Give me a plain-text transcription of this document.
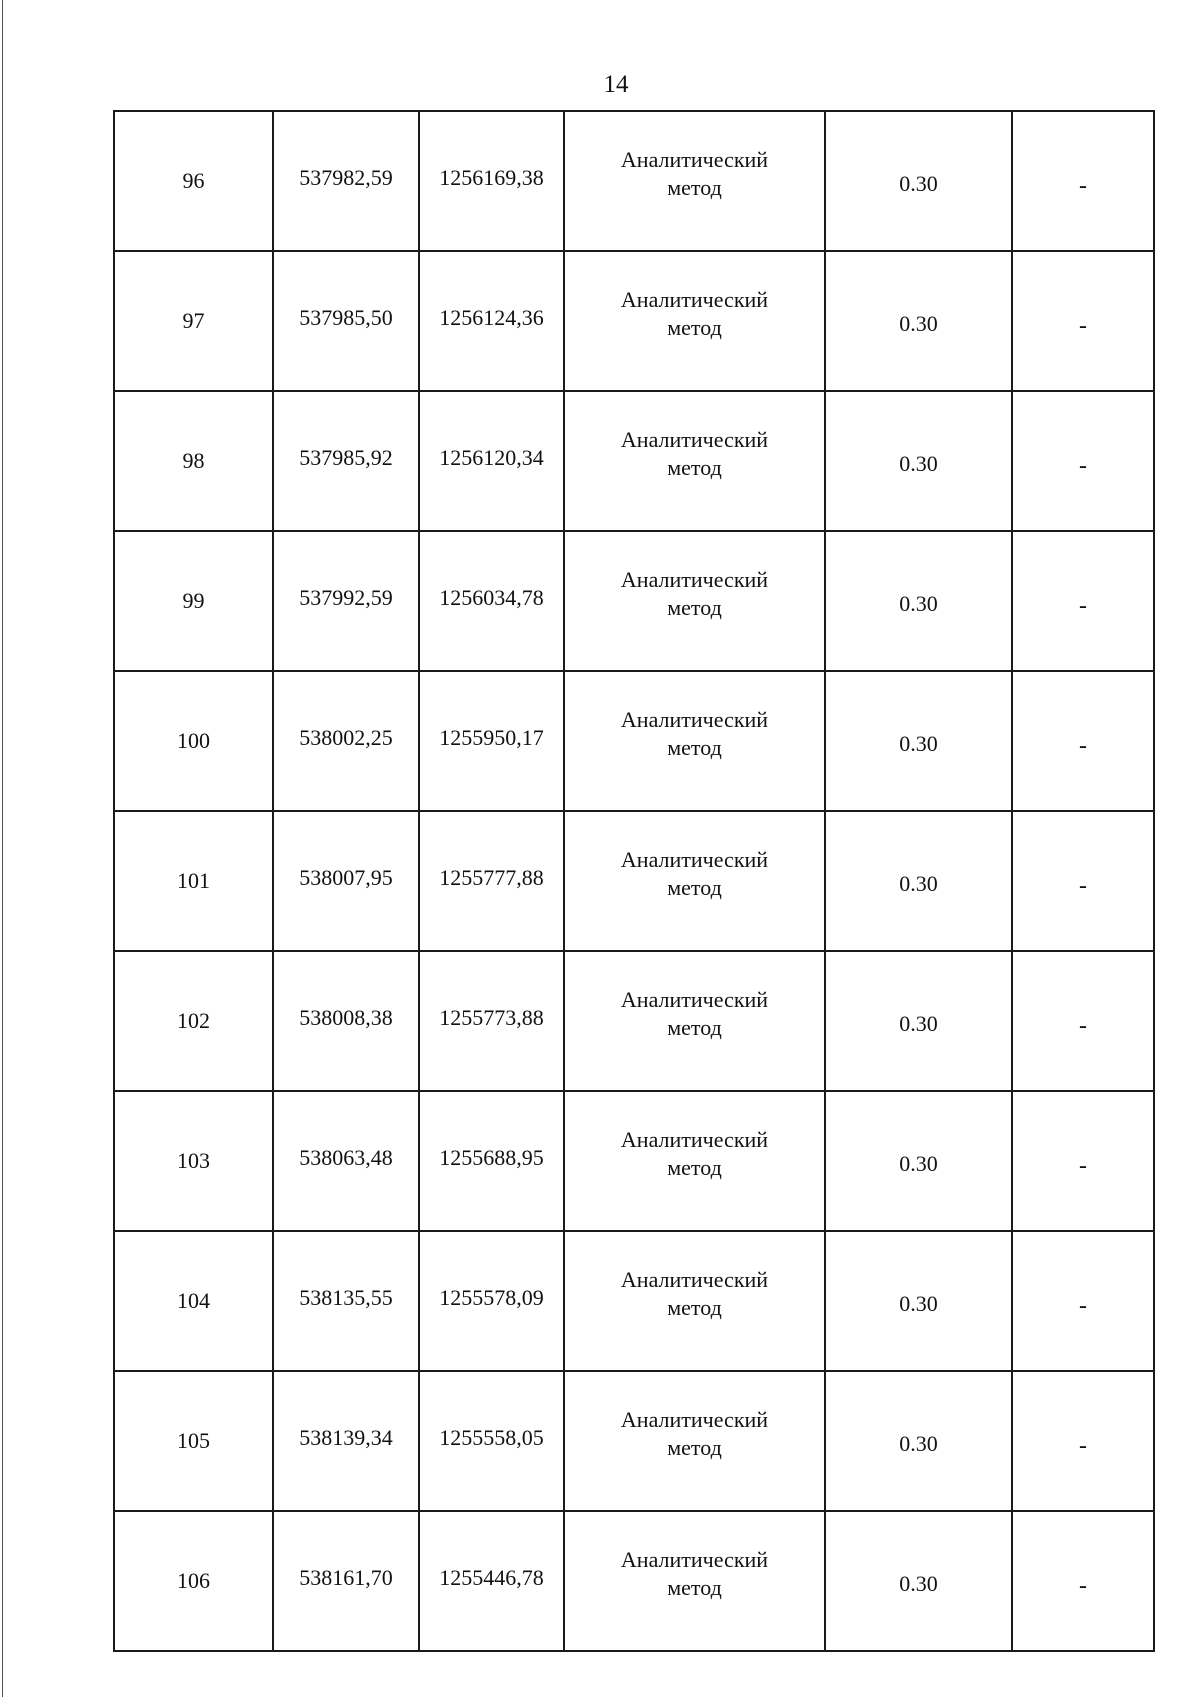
14
96	537982,59	1256169,38	Аналитический метод	0.30	-
97	537985,50	1256124,36	Аналитический метод	0.30	-
98	537985,92	1256120,34	Аналитический метод	0.30	-
99	537992,59	1256034,78	Аналитический метод	0.30	-
100	538002,25	1255950,17	Аналитический метод	0.30	-
101	538007,95	1255777,88	Аналитический метод	0.30	-
102	538008,38	1255773,88	Аналитический метод	0.30	-
103	538063,48	1255688,95	Аналитический метод	0.30	-
104	538135,55	1255578,09	Аналитический метод	0.30	-
105	538139,34	1255558,05	Аналитический метод	0.30	-
106	538161,70	1255446,78	Аналитический метод	0.30	-
